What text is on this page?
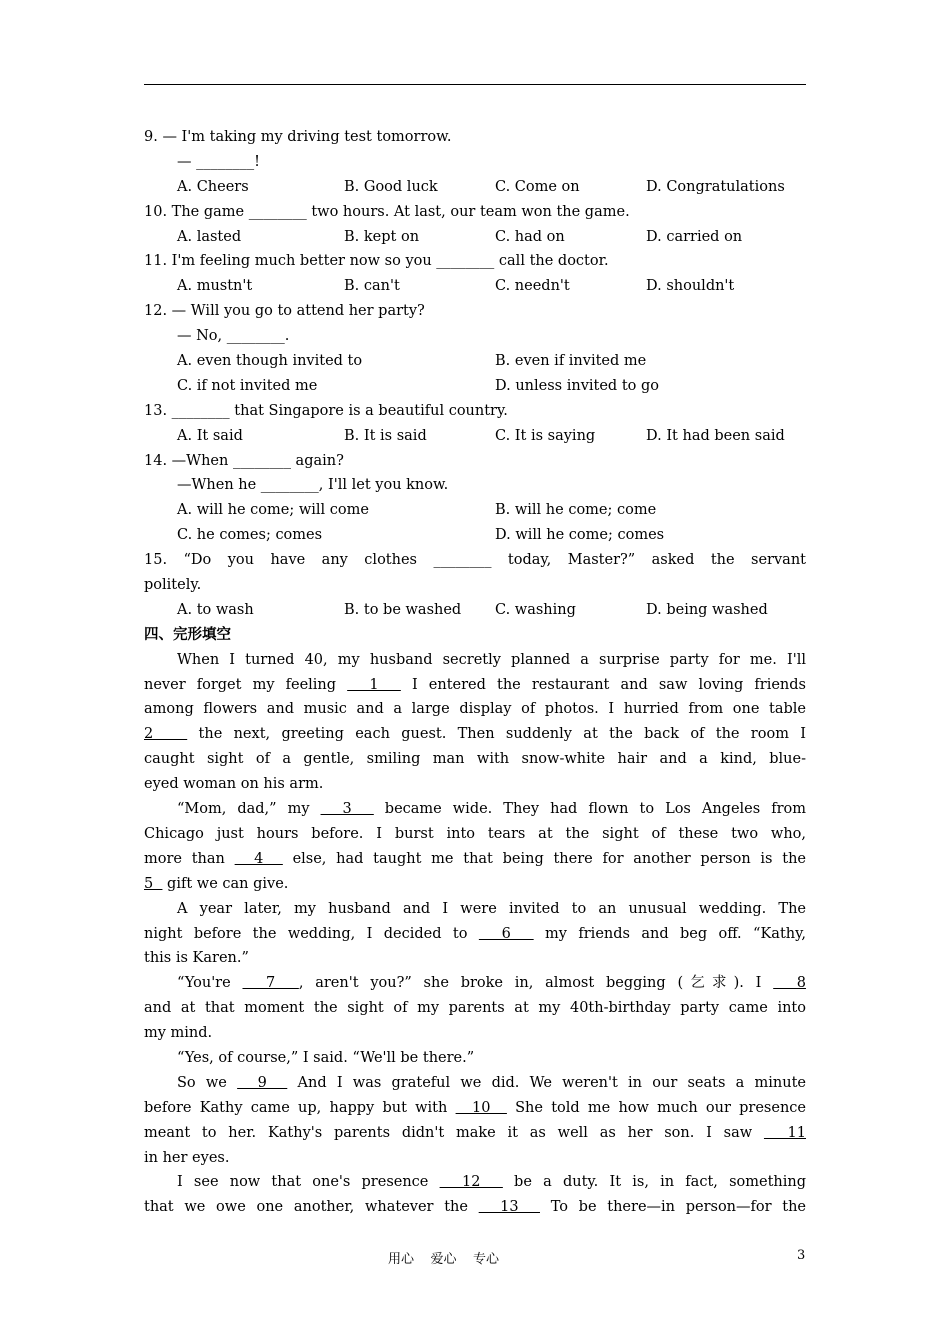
9. — I'm taking my driving test tomorrow.
— ________!
A. Cheers	B. Good luck	C. Come on	D. Congratulations
10. The game ________ two hours. At last, our team won the game.
A. lasted	B. kept on	C. had on	D. carried on
11. I'm feeling much better now so you ________ call the doctor.
A. mustn't	B. can't	C. needn't	D. shouldn't
12. — Will you go to attend her party?
— No, ________.
A. even though invited to	B. even if invited me
C. if not invited me	D. unless invited to go
13. ________ that Singapore is a beautiful country.
A. It said	B. It is said	C. It is saying	D. It had been said
14. —When ________ again?
—When he ________, I'll let you know.
A. will he come; will come	B. will he come; come
C. he comes; comes	D. will he come; comes
15. “Do you have any clothes ________ today, Master?” asked the servant
politely.
A. to wash	B. to be washed	C. washing	D. being washed
四、完形填空
When I turned 40, my husband secretly planned a surprise party for me. I'll
never forget my feeling   1   I entered the restaurant and saw loving friends
among flowers and music and a large display of photos. I hurried from one table
2    the next, greeting each guest. Then suddenly at the back of the room I
caught sight of a gentle, smiling man with snow-white hair and a kind, blue-
eyed woman on his arm.
“Mom, dad,” my   3   became wide. They had flown to Los Angeles from
Chicago just hours before. I burst into tears at the sight of these two who,
more than   4   else, had taught me that being there for another person is the
5   gift we can give.
A year later, my husband and I were invited to an unusual wedding. The
night before the wedding, I decided to   6   my friends and beg off. “Kathy,
this is Karen.”
“You're   7  , aren't you?” she broke in, almost begging (乞求). I   8
and at that moment the sight of my parents at my 40th-birthday party came into
my mind.
“Yes, of course,” I said. “We'll be there.”
So we   9   And I was grateful we did. We weren't in our seats a minute
before Kathy came up, happy but with   10   She told me how much our presence
meant to her. Kathy's parents didn't make it as well as her son. I saw   11
in her eyes.
I see now that one's presence   12   be a duty. It is, in fact, something
that we owe one another, whatever the   13   To be there—in person—for the
用心    爱心    专心	3
